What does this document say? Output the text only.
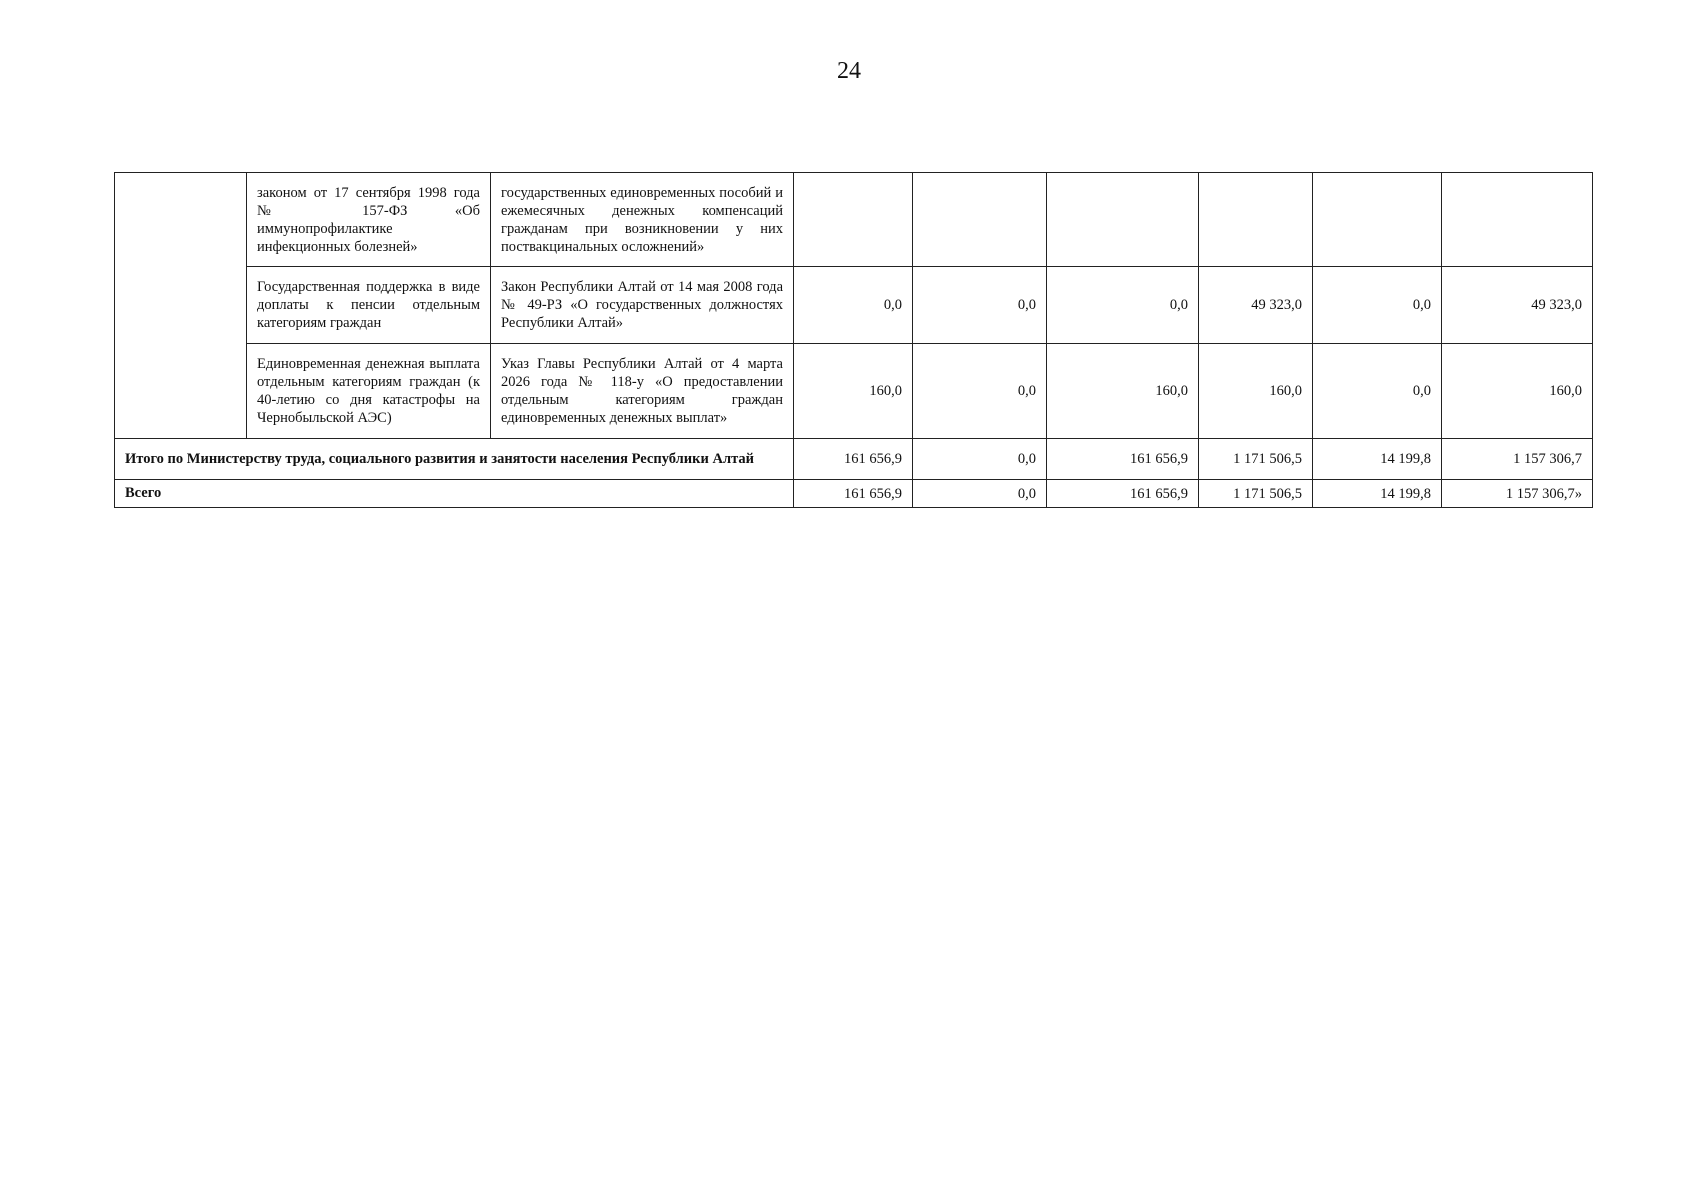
24
	законом от 17 сентября 1998 года № 157-ФЗ «Об иммунопрофилактике инфекционных болезней»	государственных единовременных пособий и ежемесячных денежных компенсаций гражданам при возникновении у них поствакцинальных осложнений»						
	Государственная поддержка в виде доплаты к пенсии отдельным категориям граждан	Закон Республики Алтай от 14 мая 2008 года № 49-РЗ «О государственных должностях Республики Алтай»	0,0	0,0	0,0	49 323,0	0,0	49 323,0
	Единовременная денежная выплата отдельным категориям граждан (к 40-летию со дня катастрофы на Чернобыльской АЭС)	Указ Главы Республики Алтай от 4 марта 2026 года № 118-у «О предоставлении отдельным категориям граждан единовременных денежных выплат»	160,0	0,0	160,0	160,0	0,0	160,0
Итого по Министерству труда, социального развития и занятости населения Республики Алтай			161 656,9	0,0	161 656,9	1 171 506,5	14 199,8	1 157 306,7
Всего			161 656,9	0,0	161 656,9	1 171 506,5	14 199,8	1 157 306,7»
